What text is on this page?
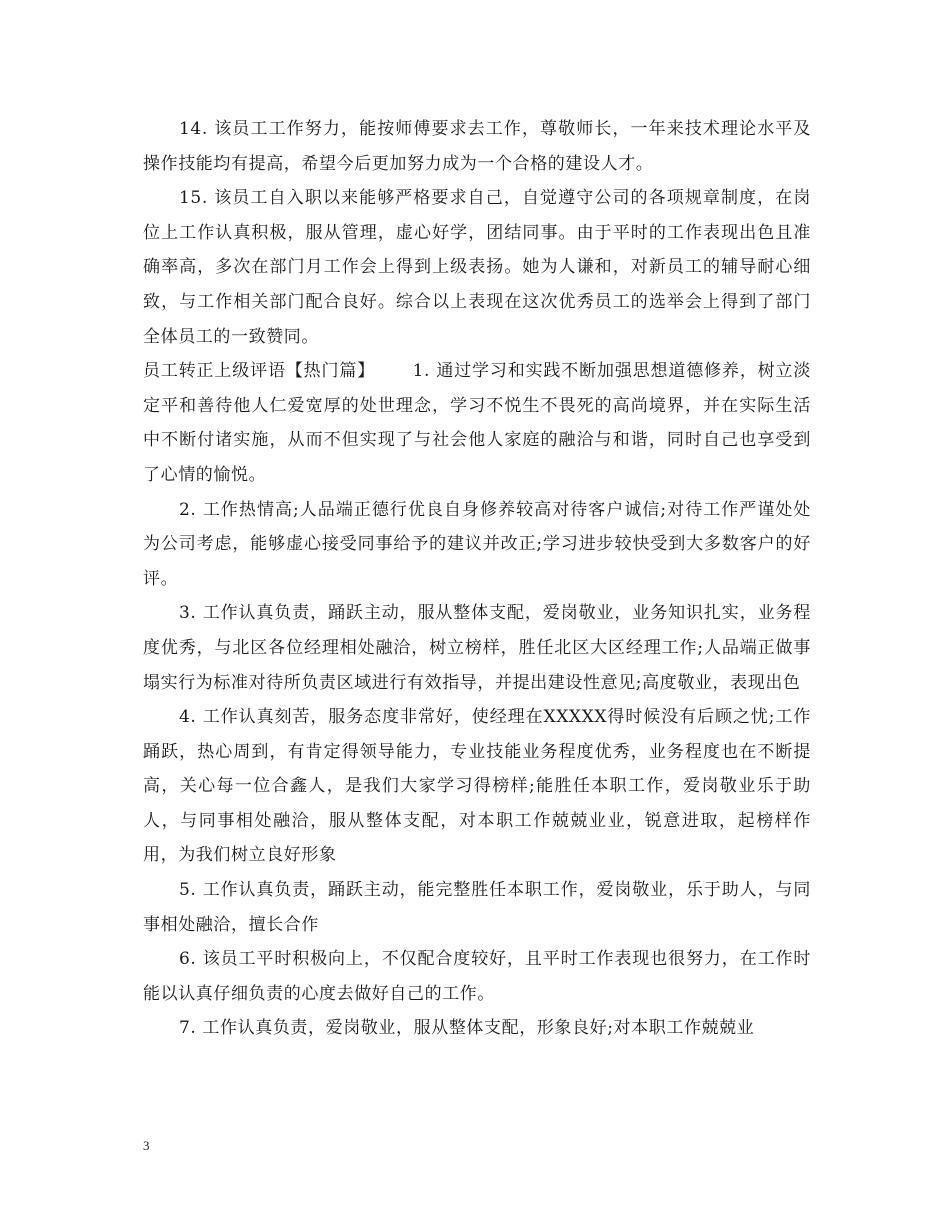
14. 该员工工作努力，能按师傅要求去工作，尊敬师长，一年来技术理论水平及操作技能均有提高，希望今后更加努力成为一个合格的建设人才。

15. 该员工自入职以来能够严格要求自己，自觉遵守公司的各项规章制度，在岗位上工作认真积极，服从管理，虚心好学，团结同事。由于平时的工作表现出色且准确率高，多次在部门月工作会上得到上级表扬。她为人谦和，对新员工的辅导耐心细致，与工作相关部门配合良好。综合以上表现在这次优秀员工的选举会上得到了部门全体员工的一致赞同。

员工转正上级评语【热门篇】 1. 通过学习和实践不断加强思想道德修养，树立淡定平和善待他人仁爱宽厚的处世理念，学习不悦生不畏死的高尚境界，并在实际生活中不断付诸实施，从而不但实现了与社会他人家庭的融洽与和谐，同时自己也享受到了心情的愉悦。

2. 工作热情高;人品端正德行优良自身修养较高对待客户诚信;对待工作严谨处处为公司考虑，能够虚心接受同事给予的建议并改正;学习进步较快受到大多数客户的好评。

3. 工作认真负责，踊跃主动，服从整体支配，爱岗敬业，业务知识扎实，业务程度优秀，与北区各位经理相处融洽，树立榜样，胜任北区大区经理工作;人品端正做事塌实行为标准对待所负责区域进行有效指导，并提出建设性意见;高度敬业，表现出色

4. 工作认真刻苦，服务态度非常好，使经理在XXXXX得时候没有后顾之忧;工作踊跃，热心周到，有肯定得领导能力，专业技能业务程度优秀，业务程度也在不断提高，关心每一位合鑫人，是我们大家学习得榜样;能胜任本职工作，爱岗敬业乐于助人，与同事相处融洽，服从整体支配，对本职工作兢兢业业，锐意进取，起榜样作用，为我们树立良好形象

5. 工作认真负责，踊跃主动，能完整胜任本职工作，爱岗敬业，乐于助人，与同事相处融洽，擅长合作

6. 该员工平时积极向上，不仅配合度较好，且平时工作表现也很努力，在工作时能以认真仔细负责的心度去做好自己的工作。

7. 工作认真负责，爱岗敬业，服从整体支配，形象良好;对本职工作兢兢业

3
